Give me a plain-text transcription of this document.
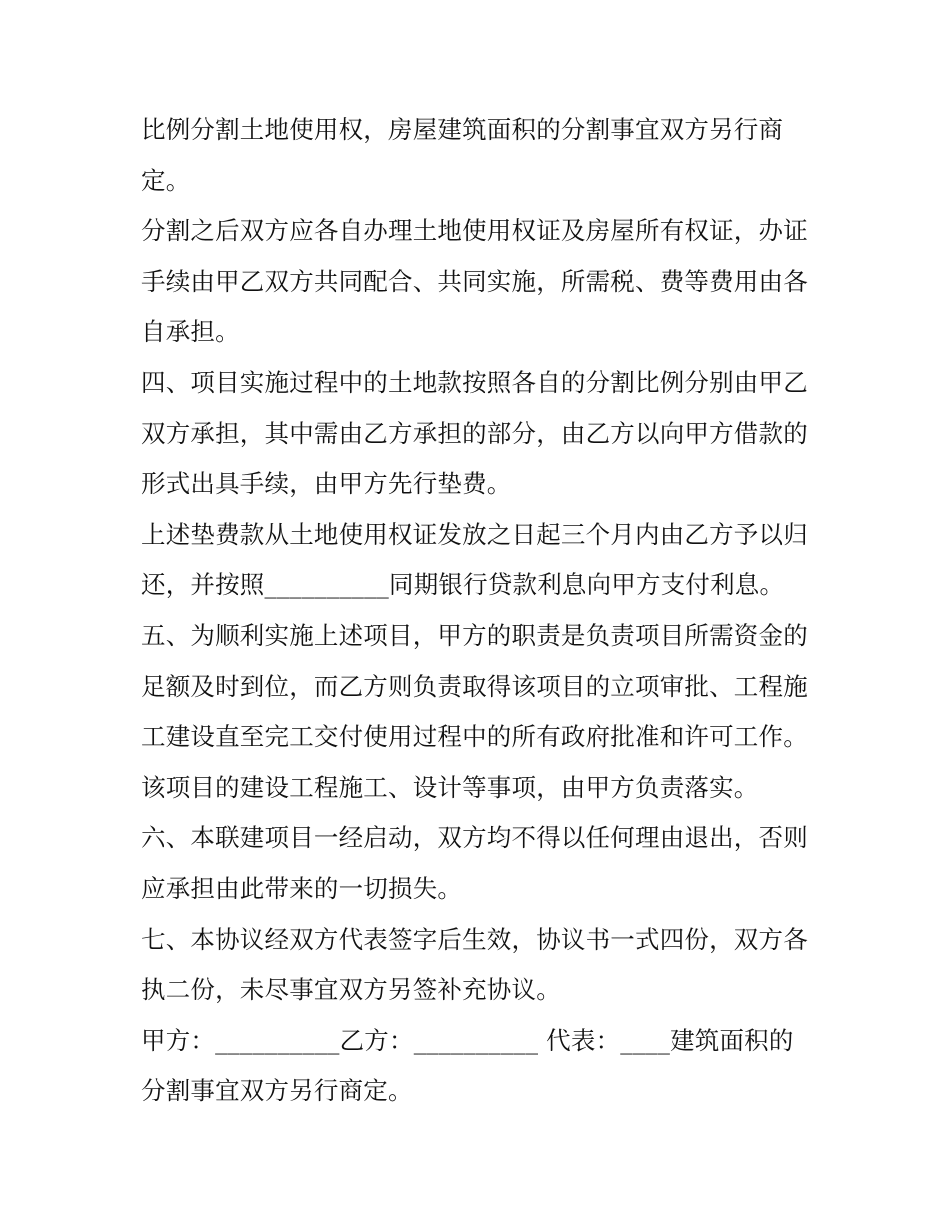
比例分割土地使用权，房屋建筑面积的分割事宜双方另行商
定。
分割之后双方应各自办理土地使用权证及房屋所有权证，办证
手续由甲乙双方共同配合、共同实施，所需税、费等费用由各
自承担。
四、项目实施过程中的土地款按照各自的分割比例分别由甲乙
双方承担，其中需由乙方承担的部分，由乙方以向甲方借款的
形式出具手续，由甲方先行垫费。
上述垫费款从土地使用权证发放之日起三个月内由乙方予以归
还，并按照__________同期银行贷款利息向甲方支付利息。
五、为顺利实施上述项目，甲方的职责是负责项目所需资金的
足额及时到位，而乙方则负责取得该项目的立项审批、工程施
工建设直至完工交付使用过程中的所有政府批准和许可工作。
该项目的建设工程施工、设计等事项，由甲方负责落实。
六、本联建项目一经启动，双方均不得以任何理由退出，否则
应承担由此带来的一切损失。
七、本协议经双方代表签字后生效，协议书一式四份，双方各
执二份，未尽事宜双方另签补充协议。
甲方：__________乙方：__________ 代表：____建筑面积的
分割事宜双方另行商定。
